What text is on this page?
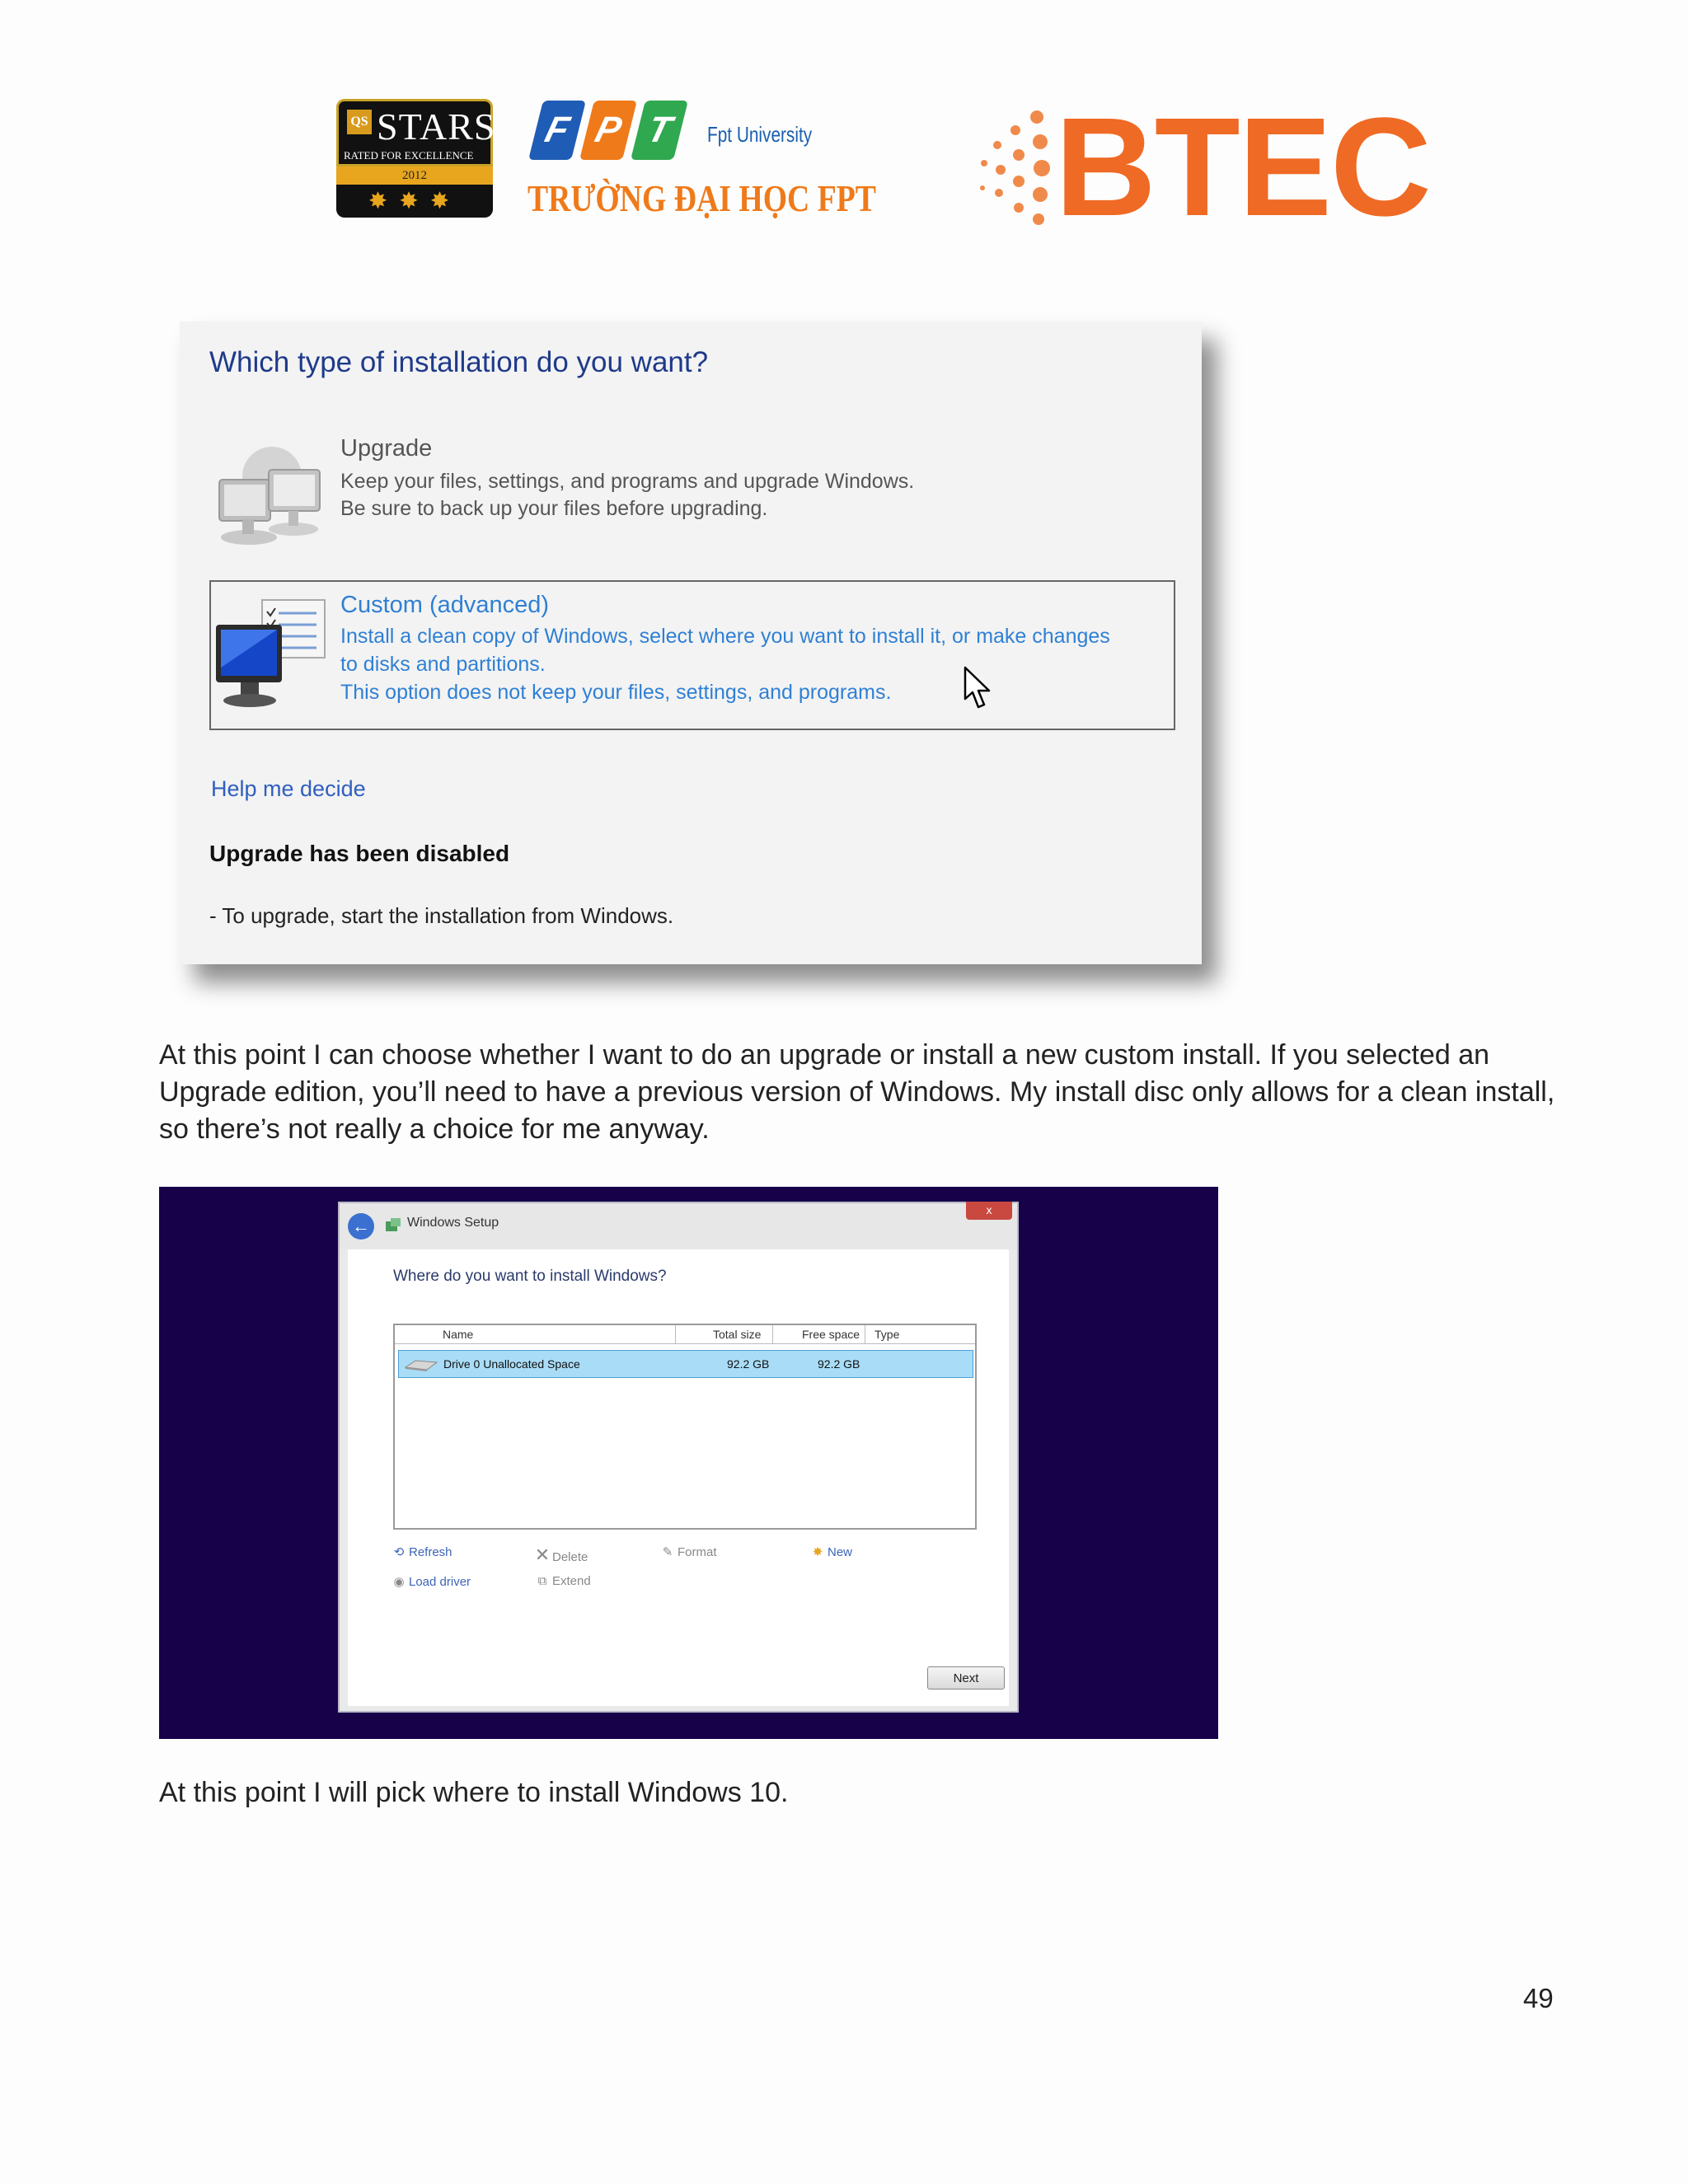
QS STARS
RATED FOR EXCELLENCE
2012
✸✸✸
F P T	Fpt University
TRƯỜNG ĐẠI HỌC FPT BTEC
Which type of installation do you want?
Upgrade
Keep your files, settings, and programs and upgrade Windows.
Be sure to back up your files before upgrading.
Custom (advanced)
Install a clean copy of Windows, select where you want to install it, or make changes
to disks and partitions.
This option does not keep your files, settings, and programs.
Help me decide
Upgrade has been disabled
- To upgrade, start the installation from Windows.
At this point I can choose whether I want to do an upgrade or install a new custom install. If you selected an Upgrade edition, you’ll need to have a previous version of Windows. My install disc only allows for a clean install, so there’s not really a choice for me anyway.
←	Windows Setup
x
Where do you want to install Windows?
Name	Total size	Free space Type
Drive 0 Unallocated Space	92.2 GB	92.2 GB
⟲ Refresh	✕ Delete	✎ Format	✸ New
◉ Load driver	⧉ Extend
Next
At this point I will pick where to install Windows 10.
49
